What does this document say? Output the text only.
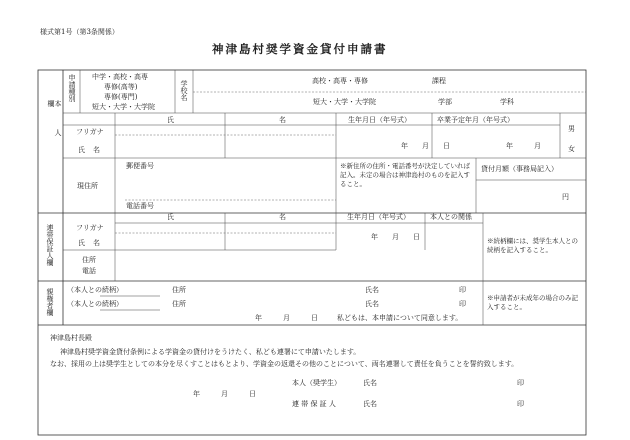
様式第1号（第3条関係）
神津島村奨学資金貸付申請書
本人欄
申請種別 中学・高校・高専
専修(高等)
専修(専門)
短大・大学・大学院
学校名	高校・高専・専修	課程
短大・大学・大学院	学部	学科
氏	名	生年月日（年号式）	卒業予定年月（年号式）
フリガナ
氏名	年　　月　　日	年　　　月
男
女
現住所
郵便番号
電話番号
※新住所の住所・電話番号が決定していれば記入。未定の場合は神津島村のものを記入すること。
貸付月額（事務局記入）
円
連帯保証人欄
氏	名	生年月日（年号式）	本人との関係
フリガナ
氏名
年　　月　　日
住所
電話
※続柄欄には、奨学生本人との続柄を記入すること。
親権者欄 （本人との続柄）	住所	氏名	印
（本人との続柄）	住所	氏名	印
年　　　月　　　日	私どもは、本申請について同意します。
※申請者が未成年の場合のみ記入すること。
神津島村長殿
神津島村奨学資金貸付条例による学資金の貸付けをうけたく、私ども連署にて申請いたします。
なお、採用の上は奨学生としての本分を尽くすことはもとより、学資金の返還その他のことについて、両名連署して責任を負うことを誓約致します。
年　　　月　　　日
本人（奨学生）	氏名	印
連 帯 保 証 人	氏名	印
